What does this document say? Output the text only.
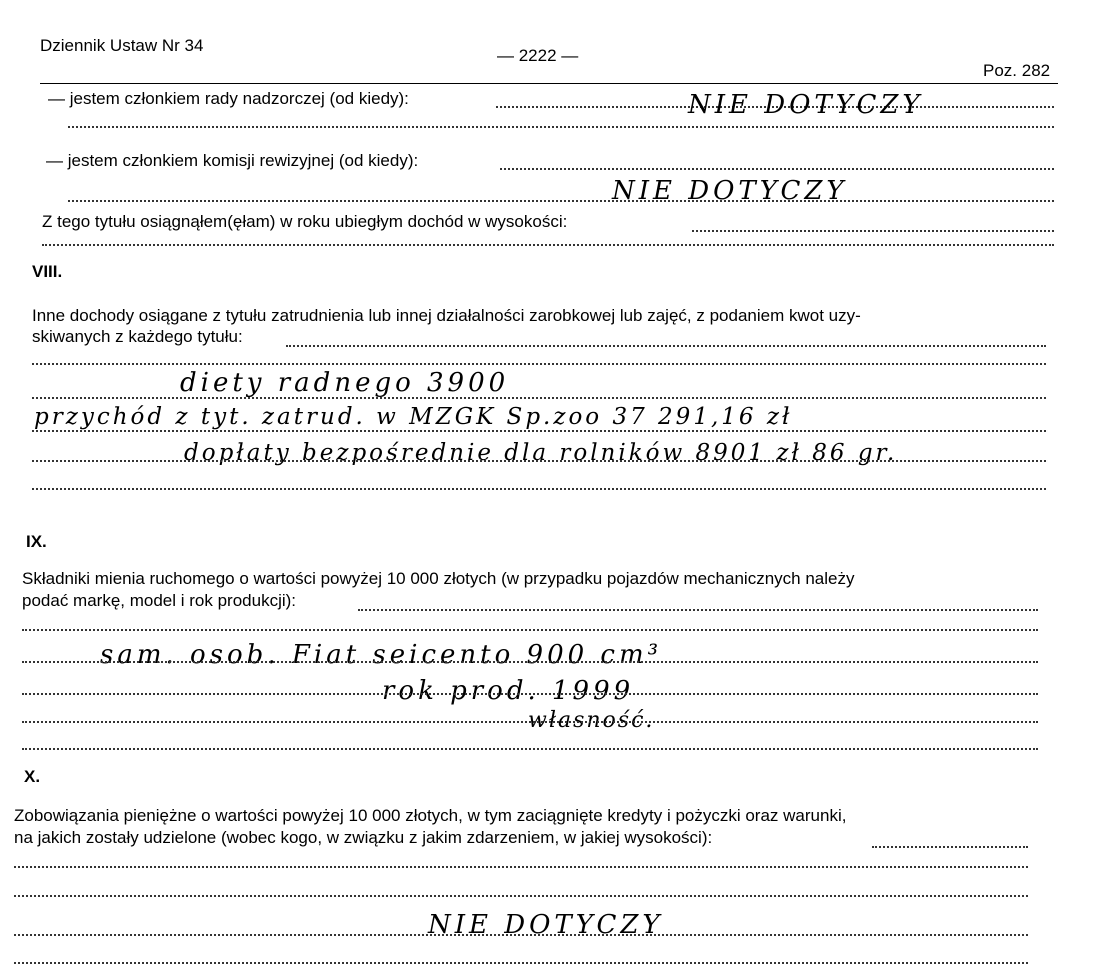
Dziennik Ustaw Nr 34
— 2222 —
Poz. 282
— jestem członkiem rady nadzorczej (od kiedy):	NIE DOTYCZY
— jestem członkiem komisji rewizyjnej (od kiedy):
NIE DOTYCZY
Z tego tytułu osiągnąłem(ęłam) w roku ubiegłym dochód w wysokości:
VIII.
Inne dochody osiągane z tytułu zatrudnienia lub innej działalności zarobkowej lub zajęć, z podaniem kwot uzy-
skiwanych z każdego tytułu:
diety radnego 3900
przychód z tyt. zatrud. w MZGK Sp.zoo 37 291,16 zł
dopłaty bezpośrednie dla rolników 8901 zł 86 gr.
IX.
Składniki mienia ruchomego o wartości powyżej 10 000 złotych (w przypadku pojazdów mechanicznych należy
podać markę, model i rok produkcji):
sam. osob. Fiat seicento 900 cm³
rok prod. 1999
własność.
X.
Zobowiązania pieniężne o wartości powyżej 10 000 złotych, w tym zaciągnięte kredyty i pożyczki oraz warunki,
na jakich zostały udzielone (wobec kogo, w związku z jakim zdarzeniem, w jakiej wysokości):
NIE DOTYCZY
